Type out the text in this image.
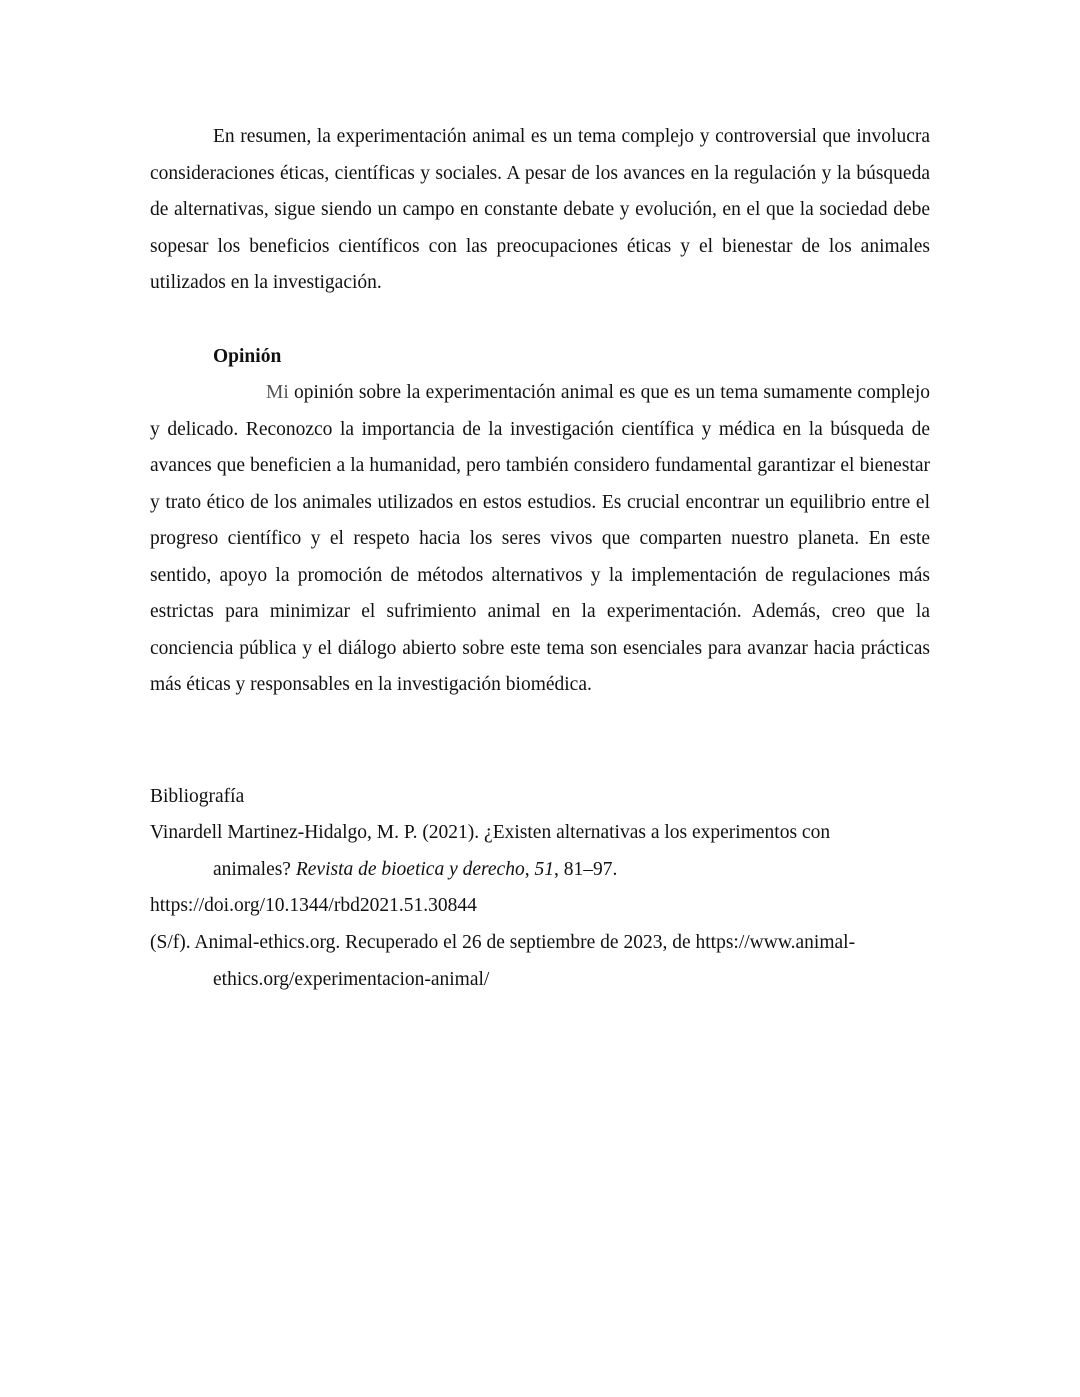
En resumen, la experimentación animal es un tema complejo y controversial que involucra consideraciones éticas, científicas y sociales. A pesar de los avances en la regulación y la búsqueda de alternativas, sigue siendo un campo en constante debate y evolución, en el que la sociedad debe sopesar los beneficios científicos con las preocupaciones éticas y el bienestar de los animales utilizados en la investigación.

Opinión

Mi opinión sobre la experimentación animal es que es un tema sumamente complejo y delicado. Reconozco la importancia de la investigación científica y médica en la búsqueda de avances que beneficien a la humanidad, pero también considero fundamental garantizar el bienestar y trato ético de los animales utilizados en estos estudios. Es crucial encontrar un equilibrio entre el progreso científico y el respeto hacia los seres vivos que comparten nuestro planeta. En este sentido, apoyo la promoción de métodos alternativos y la implementación de regulaciones más estrictas para minimizar el sufrimiento animal en la experimentación. Además, creo que la conciencia pública y el diálogo abierto sobre este tema son esenciales para avanzar hacia prácticas más éticas y responsables en la investigación biomédica.

Bibliografía

Vinardell Martinez-Hidalgo, M. P. (2021). ¿Existen alternativas a los experimentos con animales? Revista de bioetica y derecho, 51, 81–97.
https://doi.org/10.1344/rbd2021.51.30844

(S/f). Animal-ethics.org. Recuperado el 26 de septiembre de 2023, de https://www.animal-ethics.org/experimentacion-animal/
